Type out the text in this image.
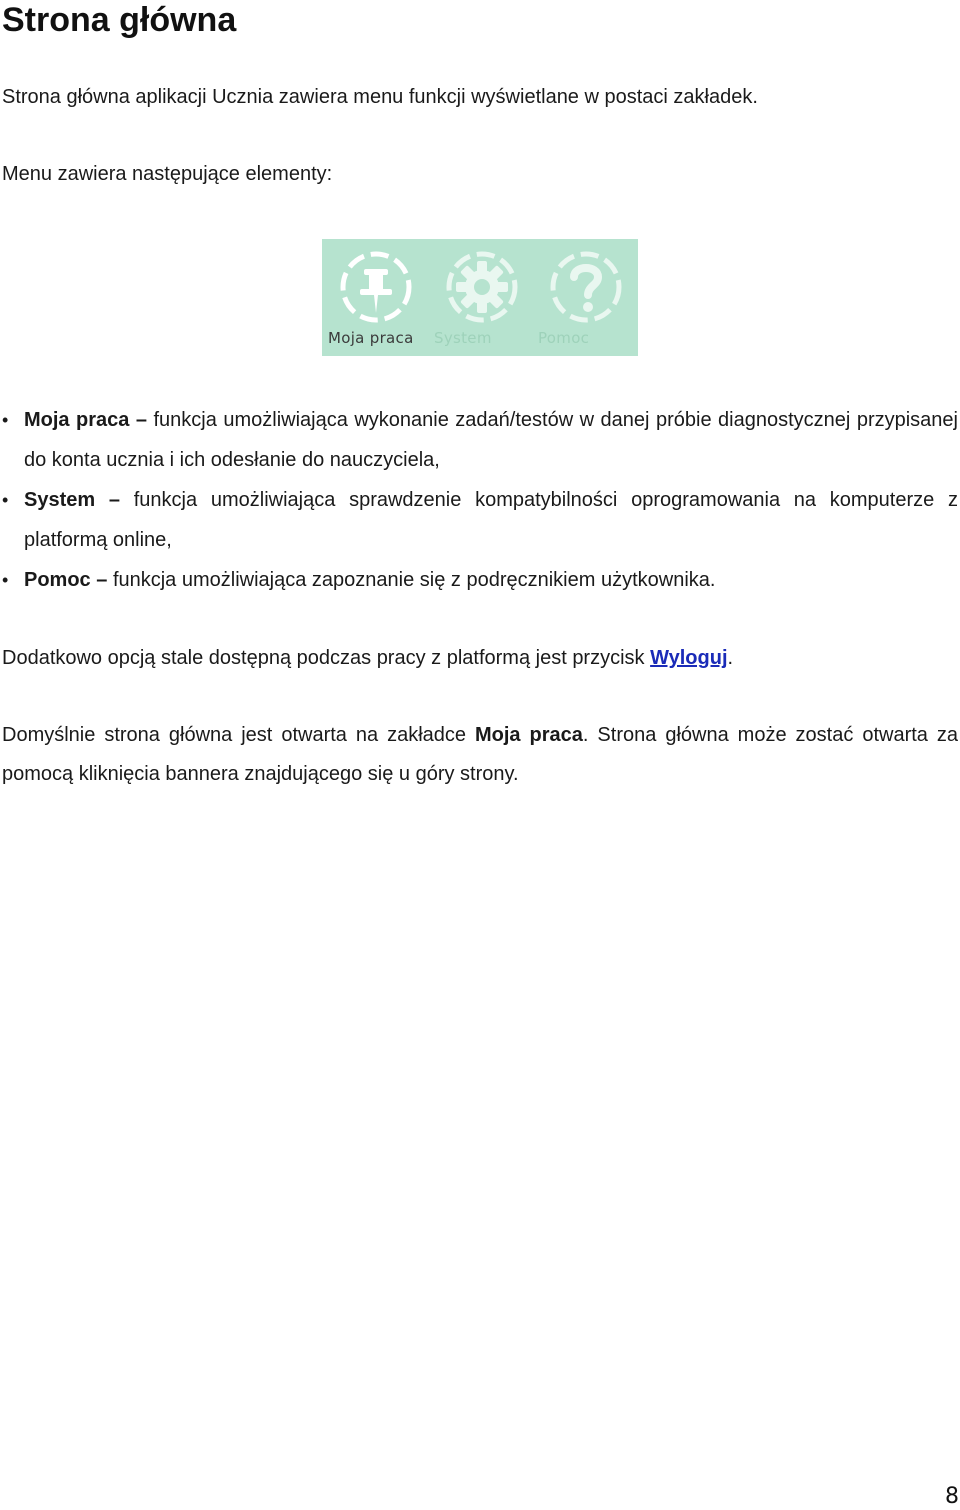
Strona główna

Strona główna aplikacji Ucznia zawiera menu funkcji wyświetlane w postaci zakładek.

Menu zawiera następujące elementy:

Moja praca	System	Pomoc
• Moja praca – funkcja umożliwiająca wykonanie zadań/testów w danej próbie diagnostycznej przypisanej do konta ucznia i ich odesłanie do nauczyciela,
• System – funkcja umożliwiająca sprawdzenie kompatybilności oprogramowania na komputerze z platformą online,
• Pomoc – funkcja umożliwiająca zapoznanie się z podręcznikiem użytkownika.

Dodatkowo opcją stale dostępną podczas pracy z platformą jest przycisk Wyloguj.

Domyślnie strona główna jest otwarta na zakładce Moja praca. Strona główna może zostać otwarta za pomocą kliknięcia bannera znajdującego się u góry strony.

8
